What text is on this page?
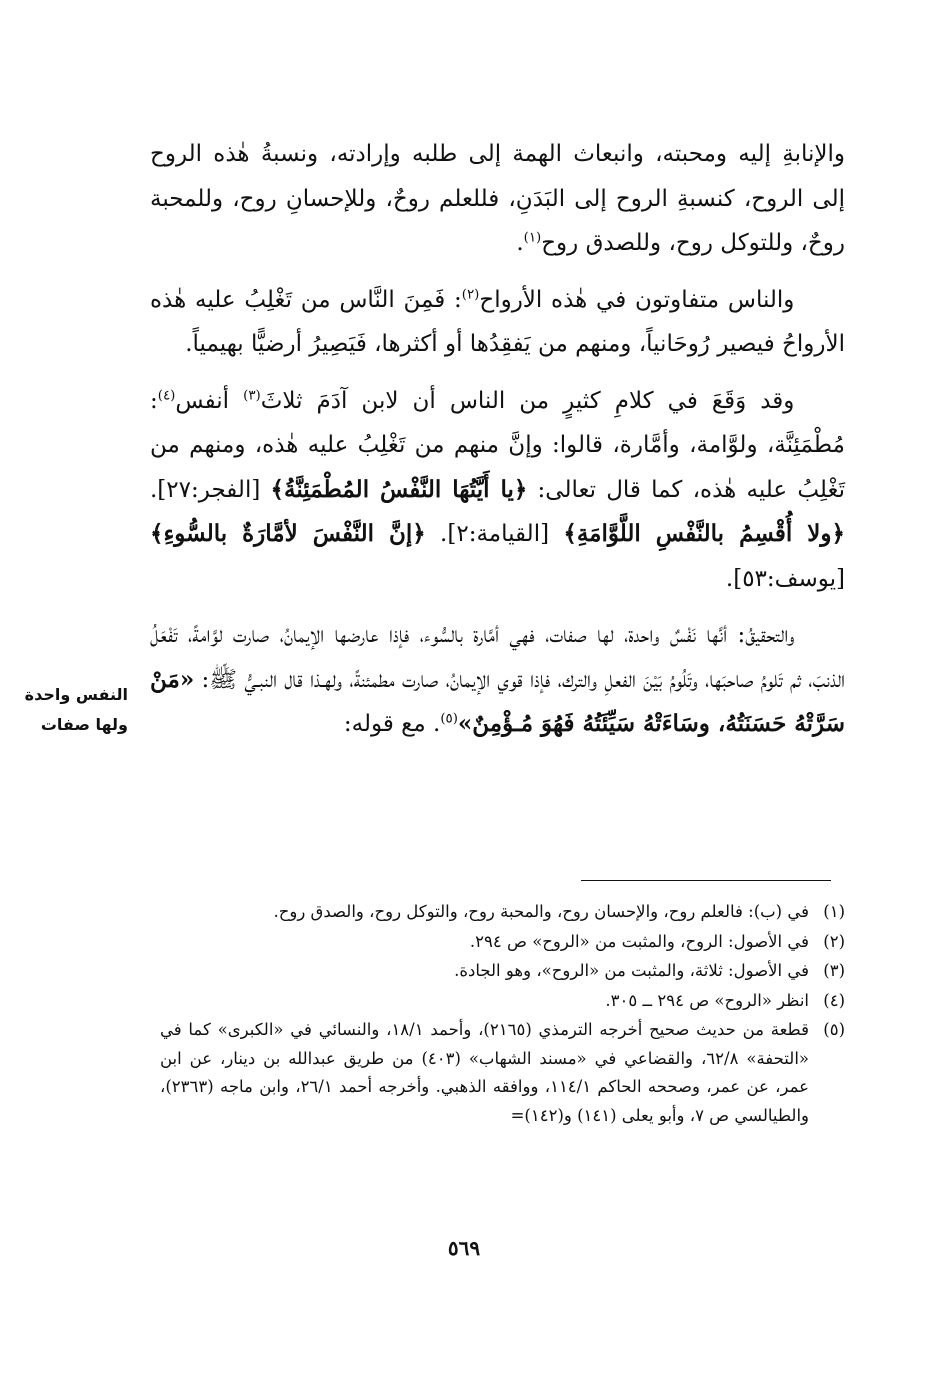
والإنابةِ إليه ومحبته، وانبعاث الهمة إلى طلبه وإرادته، ونسبةُ هٰذه الروح إلى الروح، كنسبةِ الروح إلى البَدَنِ، فللعلم روحٌ، وللإحسانِ روح، وللمحبة روحٌ، وللتوكل روح، وللصدق روح$^{(١)}$.

والناس متفاوتون في هٰذه الأرواح$^{(٢)}$: فَمِنَ النَّاس من تَغْلِبُ عليه هٰذه الأرواحُ فيصير رُوحَانياً، ومنهم من يَفقِدُها أو أكثرها، فَيَصِيرُ أرضيًّا بهيمياً.

وقد وَقَعَ في كلامِ كثيرٍ من الناس أن لابن آدَمَ ثلاثَ$^{(٣)}$ أنفس$^{(٤)}$: مُطْمَئِنَّة، ولوَّامة، وأمَّارة، قالوا: وإنَّ منهم من تَغْلِبُ عليه هٰذه، ومنهم من تَغْلِبُ عليه هٰذه، كما قال تعالى: ﴿يا أَيَّتُهَا النَّفْسُ المُطْمَئِنَّةُ﴾ [الفجر:٢٧]. ﴿ولا أُقْسِمُ بالنَّفْسِ اللَّوَّامَةِ﴾ [القيامة:٢]. ﴿إنَّ النَّفْسَ لأمَّارَةٌ بالسُّوءِ﴾ [يوسف:٥٣].

والتحقيقُ: أنَّها نَفْسٌ واحدة، لها صفات، فهي أمَّارة بالسُّوء، فإذا عارضها الإيمانُ، صارت لوَّامةً، تَفْعَلُ الذنبَ، ثم تَلومُ صاحبَها، وتَلُومُ بَيْنَ الفعلِ والترك، فإذا قوي الإيمانُ، صارت مطمئنةً، ولهـذا قال النبـيُّ ﷺ: «مَنْ سَرَّتْهُ حَسَنَتُهُ، وسَاءَتْهُ سَيِّئَتُهُ فَهُوَ مُـؤْمِنٌ»$^{(٥)}$. مع قوله:

النفس واحدة ولها صفات
(١)
في (ب): فالعلم روح، والإحسان روح، والمحبة روح، والتوكل روح، والصدق روح.
(٢)
في الأصول: الروح، والمثبت من «الروح» ص ٢٩٤.
(٣)
في الأصول: ثلاثة، والمثبت من «الروح»، وهو الجادة.
(٤)
انظر «الروح» ص ٢٩٤ ــ ٣٠٥.
(٥)
قطعة من حديث صحيح أخرجه الترمذي (٢١٦٥)، وأحمد ١٨/١، والنسائي في «الكبرى» كما في «التحفة» ٦٢/٨، والقضاعي في «مسند الشهاب» (٤٠٣) من طريق عبدالله بن دينار، عن ابن عمر، عن عمر، وصححه الحاكم ١١٤/١، ووافقه الذهبي. وأخرجه أحمد ٢٦/١، وابن ماجه (٢٣٦٣)، والطيالسي ص ٧، وأبو يعلى (١٤١) و(١٤٢)=
٥٦٩
